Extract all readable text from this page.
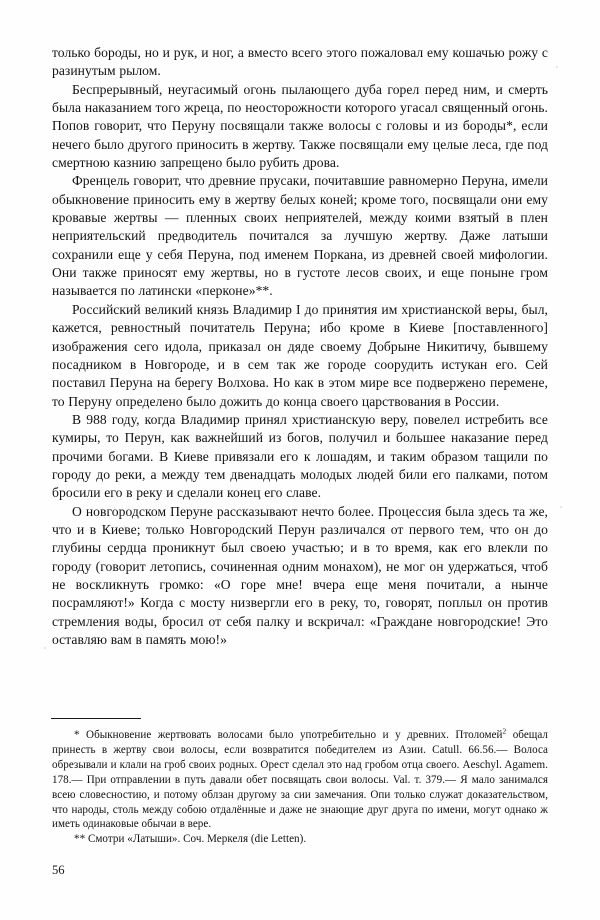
только бороды, но и рук, и ног, а вместо всего этого пожаловал ему кошачью рожу с разинутым рылом.

Беспрерывный, неугасимый огонь пылающего дуба горел перед ним, и смерть была наказанием того жреца, по неосторожности которого угасал священный огонь. Попов говорит, что Перуну посвящали также волосы с головы и из бороды*, если нечего было другого приносить в жертву. Также посвящали ему целые леса, где под смертною казнию запрещено было рубить дрова.

Френцель говорит, что древние прусаки, почитавшие равномерно Перуна, имели обыкновение приносить ему в жертву белых коней; кроме того, посвящали они ему кровавые жертвы — пленных своих неприятелей, между коими взятый в плен неприятельский предводитель почитался за лучшую жертву. Даже латыши сохранили еще у себя Перуна, под именем Поркана, из древней своей мифологии. Они также приносят ему жертвы, но в густоте лесов своих, и еще поныне гром называется по латински «перконе»**.

Российский великий князь Владимир I до принятия им христианской веры, был, кажется, ревностный почитатель Перуна; ибо кроме в Киеве [поставленного] изображения сего идола, приказал он дяде своему Добрыне Никитичу, бывшему посадником в Новгороде, и в сем так же городе соорудить истукан его. Сей поставил Перуна на берегу Волхова. Но как в этом мире все подвержено переменe, то Перуну определено было дожить до конца своего царствования в России.

В 988 году, когда Владимир принял христианскую веру, повелел истребить все кумиры, то Перун, как важнейший из богов, получил и большее наказание перед прочими богами. В Киеве привязали его к лошадям, и таким образом тащили по городу до реки, а между тем двенадцать молодых людей били его палками, потом бросили его в реку и сделали конец его славе.

О новгородском Перуне рассказывают нечто более. Процессия была здесь та же, что и в Киеве; только Новгородский Перун различался от первого тем, что он до глубины сердца проникнут был своею участью; и в то время, как его влекли по городу (говорит летопись, сочиненная одним монахом), не мог он удержаться, чтоб не воскликнуть громко: «О горе мне! вчера еще меня почитали, а нынче посрамляют!» Когда с мосту низвергли его в реку, то, говорят, поплыл он против стремления воды, бросил от себя палку и вскричал: «Граждане новгородские! Это оставляю вам в память мою!»

* Обыкновение жертвовать волосами было употребительно и у древних. Птоломей$^2$ обещал принесть в жертву свои волосы, если возвратится победителем из Азии. Catull. 66.56.— Волоса обрезывали и клали на гроб своих родных. Орест сделал это над гробом отца своего. Aeschyl. Agamem. 178.— При отправлении в путь давали обет посвящать свои волосы. Val. т. 379.— Я мало занимался всею словесностию, и потому облзан другому за сии замечания. Опи только служат доказательством, что народы, столь между собою отдалённые и даже не знающие друг друга по имени, могут однако ж иметь одинаковые обычаи в вере.

** Смотри «Латыши». Соч. Меркеля (die Letten).

56
